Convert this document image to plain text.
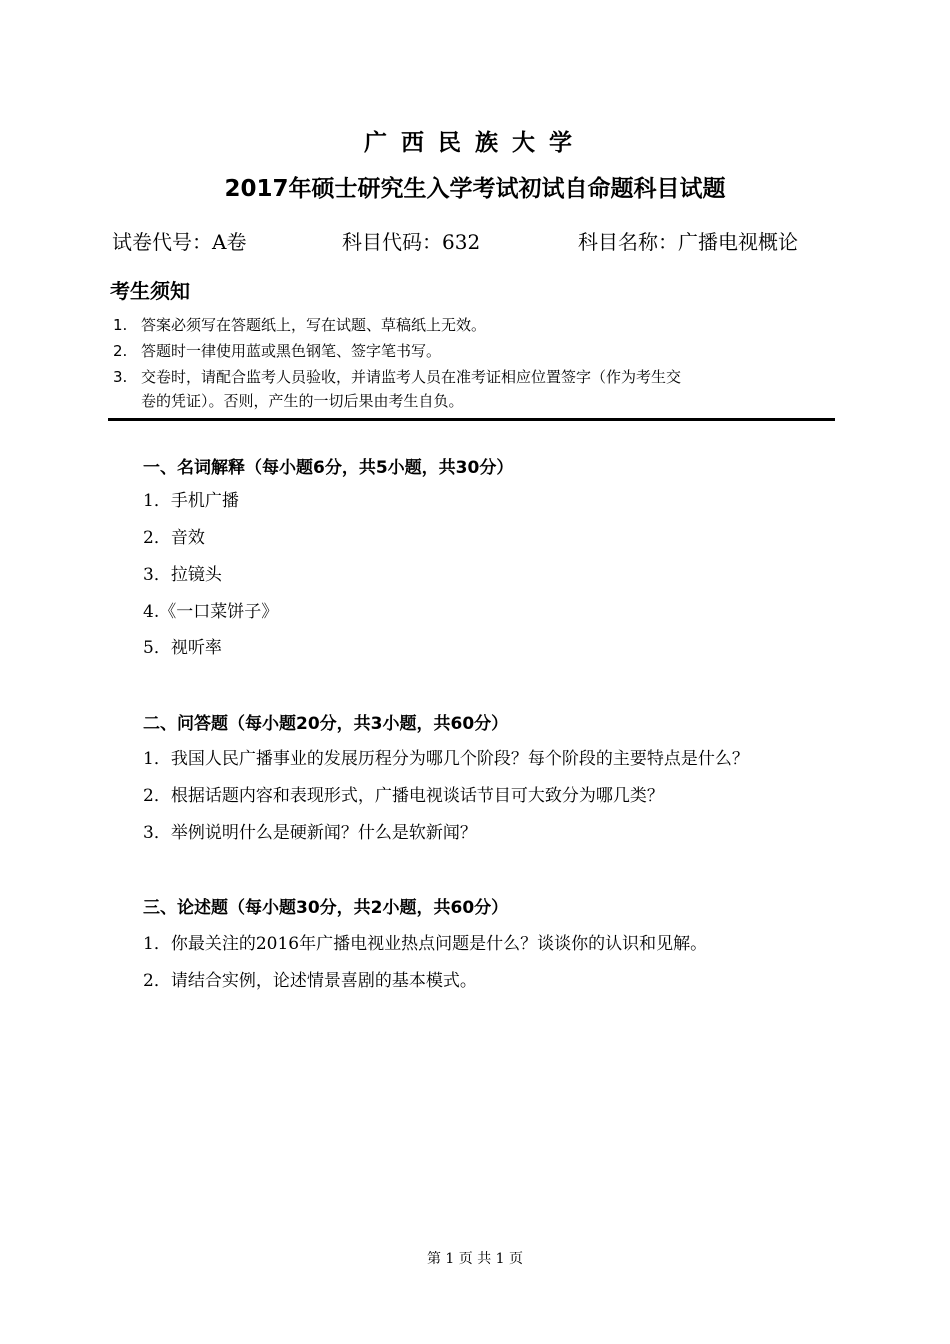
广西民族大学
2017年硕士研究生入学考试初试自命题科目试题
试卷代号：A卷	科目代码：632	科目名称：广播电视概论
考生须知
1. 答案必须写在答题纸上，写在试题、草稿纸上无效。
2. 答题时一律使用蓝或黑色钢笔、签字笔书写。
3. 交卷时，请配合监考人员验收，并请监考人员在准考证相应位置签字（作为考生交
卷的凭证）。否则，产生的一切后果由考生自负。
一、名词解释（每小题6分，共5小题，共30分）
1．手机广播
2．音效
3．拉镜头
4.《一口菜饼子》
5．视听率
二、问答题（每小题20分，共3小题，共60分）
1．我国人民广播事业的发展历程分为哪几个阶段？每个阶段的主要特点是什么？
2．根据话题内容和表现形式，广播电视谈话节目可大致分为哪几类？
3．举例说明什么是硬新闻？什么是软新闻？
三、论述题（每小题30分，共2小题，共60分）
1．你最关注的2016年广播电视业热点问题是什么？谈谈你的认识和见解。
2．请结合实例，论述情景喜剧的基本模式。
第 1 页 共 1 页
